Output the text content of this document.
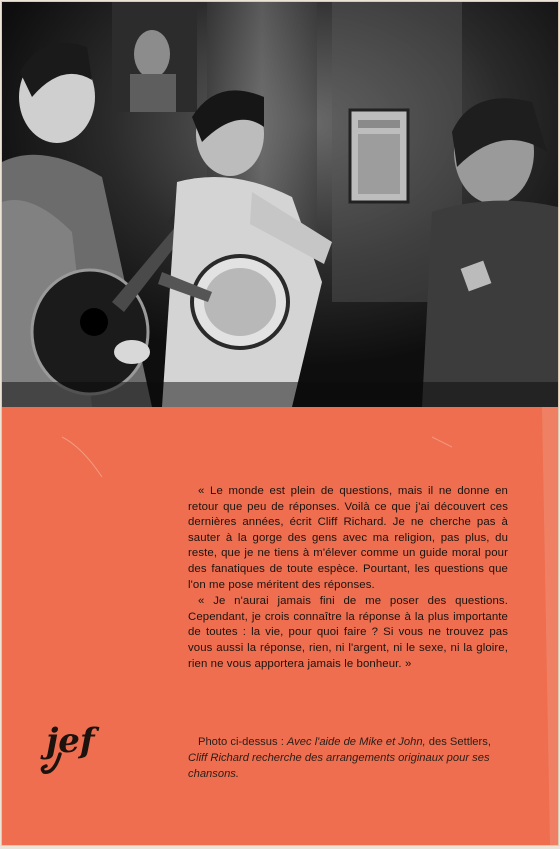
« Le monde est plein de questions, mais il ne donne en retour que peu de réponses. Voilà ce que j'ai découvert ces dernières années, écrit Cliff Richard. Je ne cherche pas à sauter à la gorge des gens avec ma religion, pas plus, du reste, que je ne tiens à m'élever comme un guide moral pour des fanatiques de toute espèce. Pourtant, les questions que l'on me pose méritent des réponses.

« Je n'aurai jamais fini de me poser des questions. Cependant, je crois connaître la réponse à la plus importante de toutes : la vie, pour quoi faire ? Si vous ne trouvez pas vous aussi la réponse, rien, ni l'argent, ni le sexe, ni la gloire, rien ne vous apportera jamais le bonheur. »

Photo ci-dessus : Avec l'aide de Mike et John, des Settlers, Cliff Richard recherche des arrangements originaux pour ses chansons.
jef
